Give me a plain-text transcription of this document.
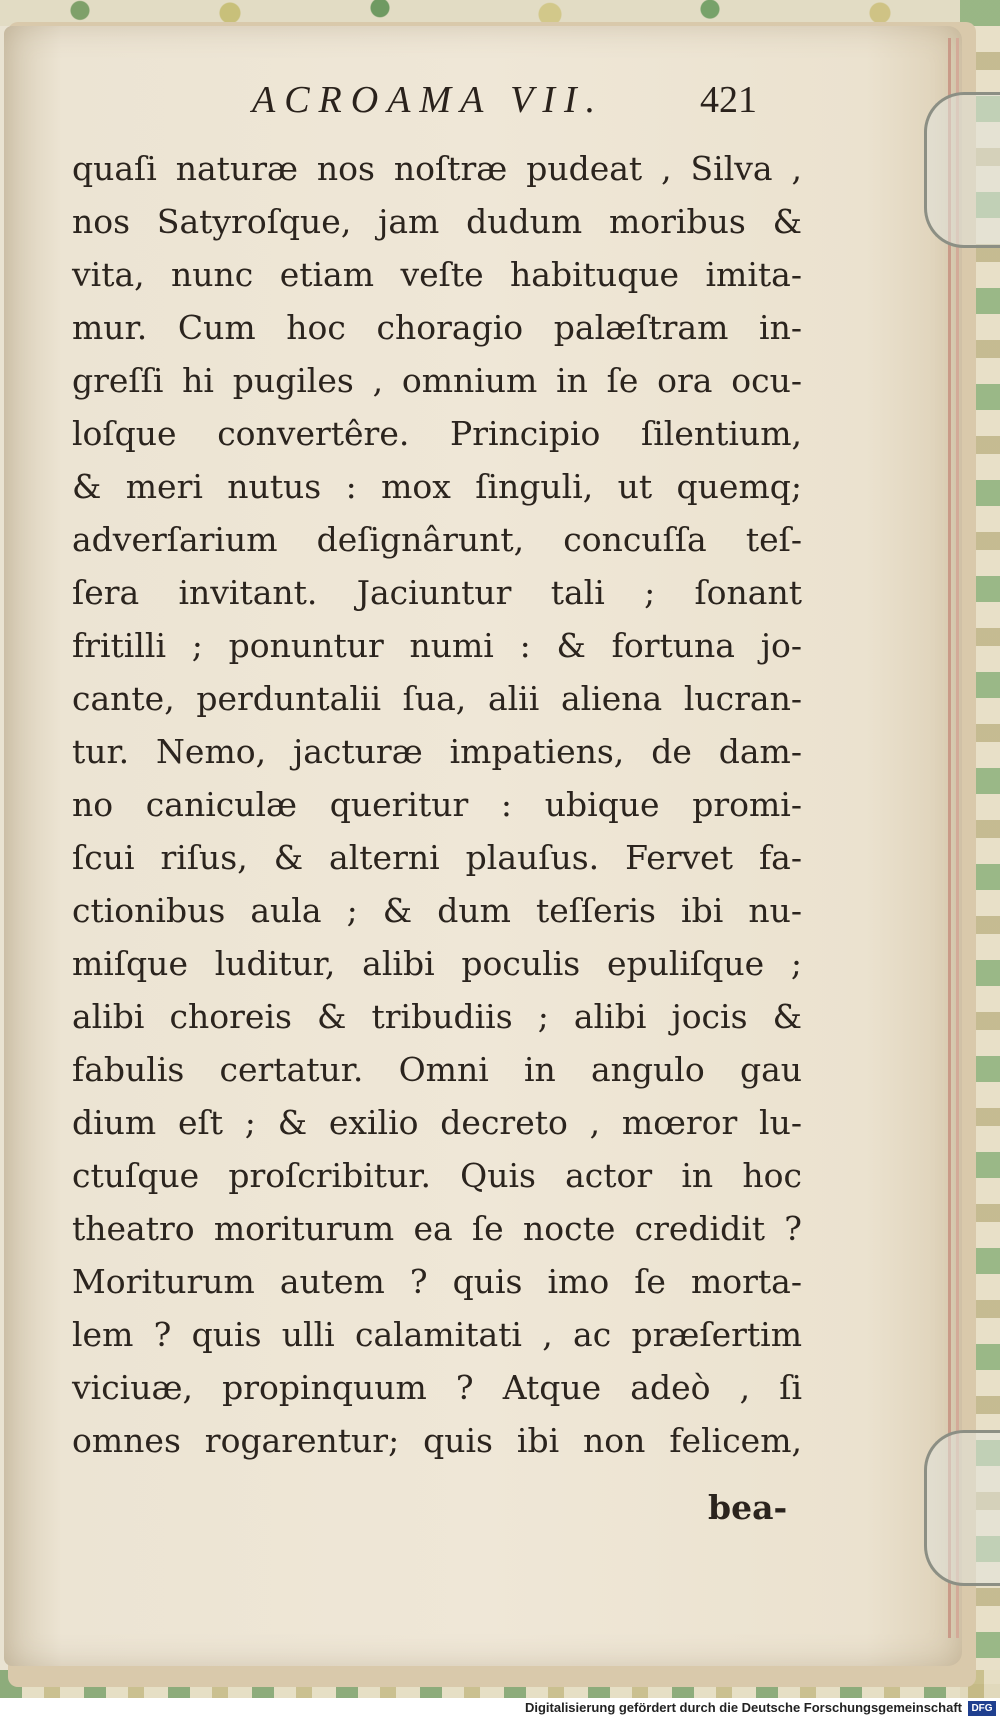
ACROAMA VII.	421
quaſi naturæ nos noſtræ pudeat , Silva ,
nos Satyroſque, jam dudum moribus &
vita, nunc etiam veſte habituque imita-
mur. Cum hoc choragio palæſtram in-
greſſi hi pugiles , omnium in ſe ora ocu-
loſque convertêre. Principio ſilentium,
& meri nutus : mox ſinguli, ut quemq;
adverſarium deſignârunt, concuſſa teſ-
ſera invitant. Jaciuntur tali ; ſonant
fritilli ; ponuntur numi : & fortuna jo-
cante, perduntalii ſua, alii aliena lucran-
tur. Nemo, jacturæ impatiens, de dam-
no caniculæ queritur : ubique promi-
ſcui riſus, & alterni plauſus. Fervet fa-
ctionibus aula ; & dum teſſeris ibi nu-
miſque luditur, alibi poculis epuliſque ;
alibi choreis & tribudiis ; alibi jocis &
fabulis certatur. Omni in angulo gau
dium eſt ; & exilio decreto , mœror lu-
ctuſque proſcribitur. Quis actor in hoc
theatro moriturum ea ſe nocte credidit ?
Moriturum autem ? quis imo ſe morta-
lem ? quis ulli calamitati , ac præſertim
viciuæ, propinquum ? Atque adeò , ſi
omnes rogarentur; quis ibi non felicem,
bea-
Digitalisierung gefördert durch die Deutsche Forschungsgemeinschaft DFG
